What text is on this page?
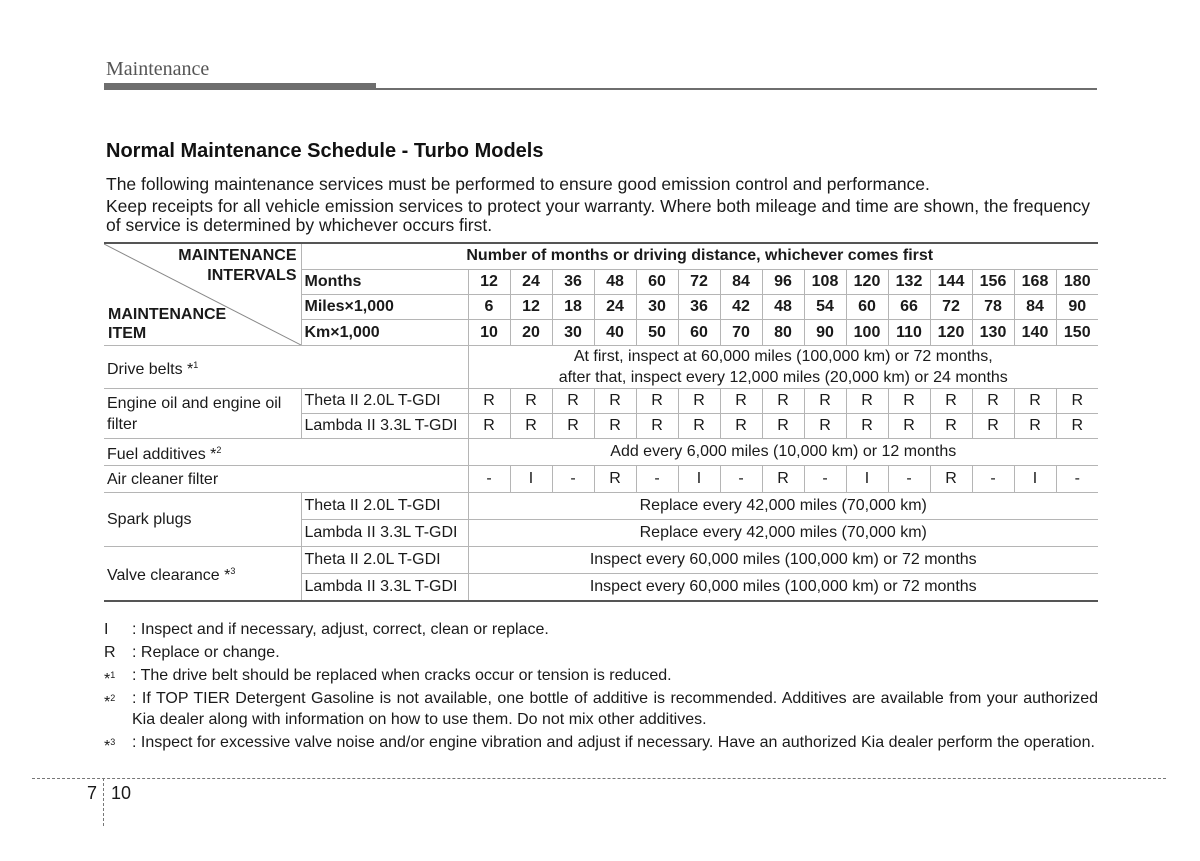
Maintenance
Normal Maintenance Schedule - Turbo Models

The following maintenance services must be performed to ensure good emission control and performance.

Keep receipts for all vehicle emission services to protect your warranty. Where both mileage and time are shown, the frequency of service is determined by whichever occurs first.

MAINTENANCE
INTERVALS
MAINTENANCE
ITEM	Number of months or driving distance, whichever comes first															
	Months	12	24	36	48	60	72	84	96	108	120	132	144	156	168	180
	Miles×1,000	6	12	18	24	30	36	42	48	54	60	66	72	78	84	90
	Km×1,000	10	20	30	40	50	60	70	80	90	100	110	120	130	140	150
Drive belts *$^1$		At first, inspect at 60,000 miles (100,000 km) or 72 months,
after that, inspect every 12,000 miles (20,000 km) or 24 months														

Engine oil and engine oil filter	Theta II 2.0L T-GDI	R	R	R	R	R	R	R	R	R	R	R	R	R	R	R
	Lambda II 3.3L T-GDI	R	R	R	R	R	R	R	R	R	R	R	R	R	R	R
Fuel additives *$^2$		Add every 6,000 miles (10,000 km) or 12 months														
Air cleaner filter		-	I	-	R	-	I	-	R	-	I	-	R	-	I	-
Spark plugs	Theta II 2.0L T-GDI	Replace every 42,000 miles (70,000 km)														
	Lambda II 3.3L T-GDI	Replace every 42,000 miles (70,000 km)														
Valve clearance *$^3$	Theta II 2.0L T-GDI	Inspect every 60,000 miles (100,000 km) or 72 months														
	Lambda II 3.3L T-GDI	Inspect every 60,000 miles (100,000 km) or 72 months														
I : Inspect and if necessary, adjust, correct, clean or replace.
R : Replace or change.
*$^1$ : The drive belt should be replaced when cracks occur or tension is reduced.
*$^2$ : If TOP TIER Detergent Gasoline is not available, one bottle of additive is recommended. Additives are available from your authorized Kia dealer along with information on how to use them. Do not mix other additives.
*$^3$ : Inspect for excessive valve noise and/or engine vibration and adjust if necessary. Have an authorized Kia dealer perform the operation.
7 10
